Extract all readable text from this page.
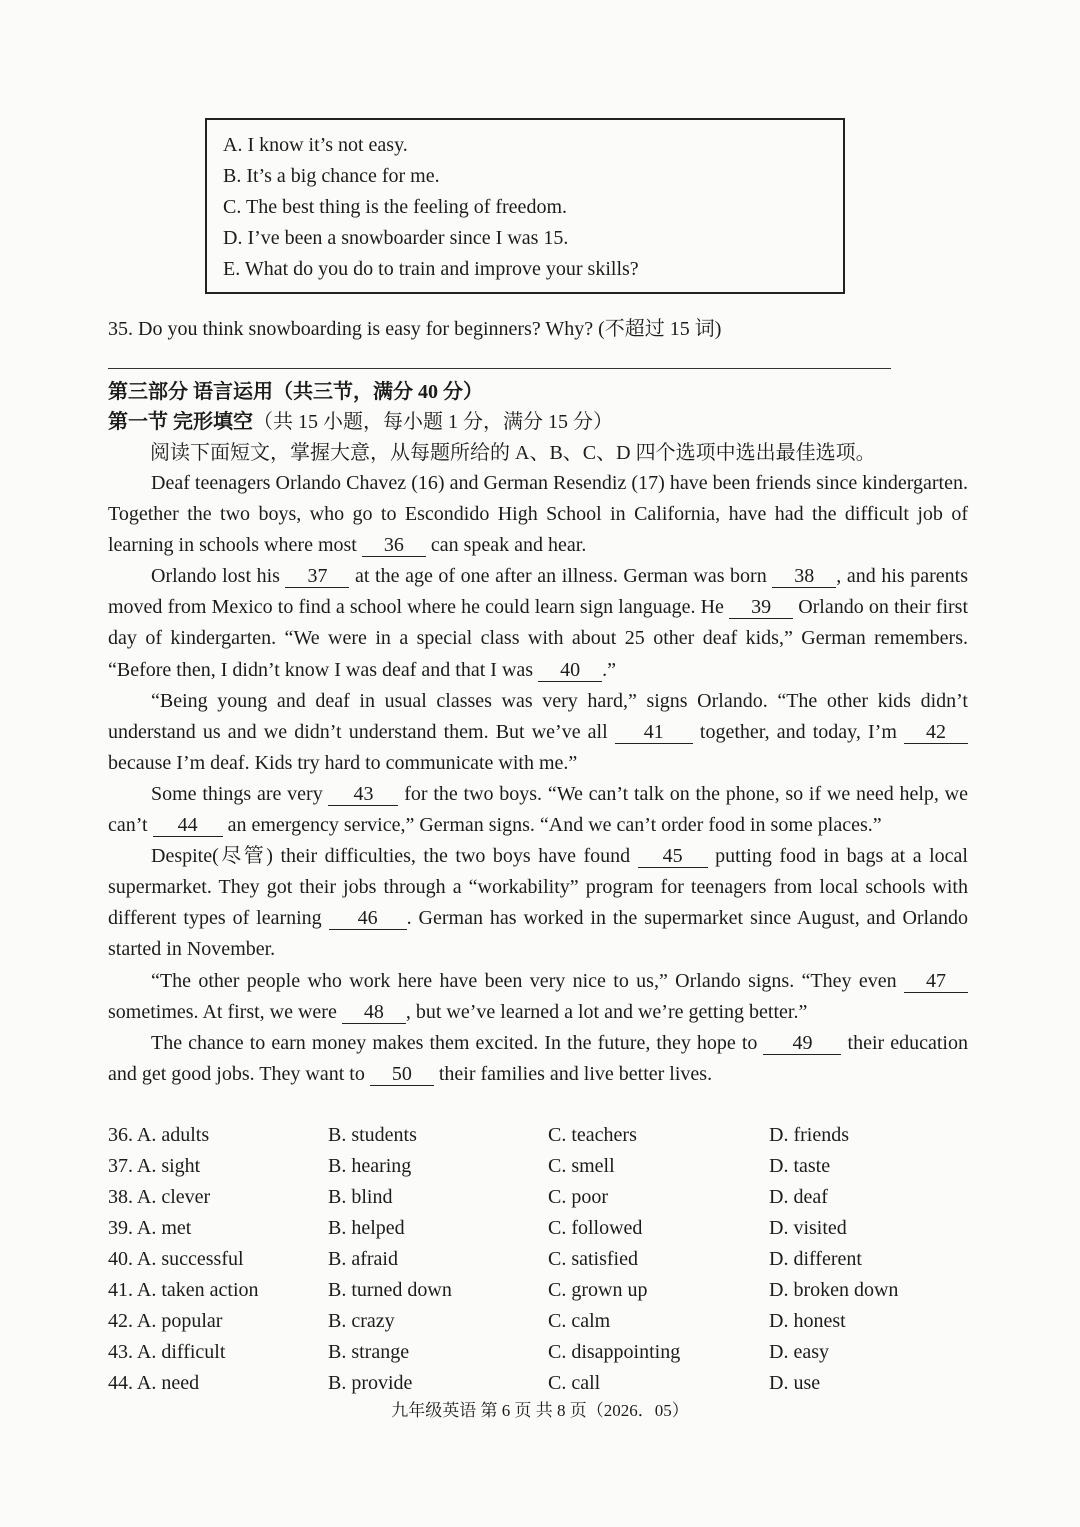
A. I know it’s not easy.
B. It’s a big chance for me.
C. The best thing is the feeling of freedom.
D. I’ve been a snowboarder since I was 15.
E. What do you do to train and improve your skills?
35. Do you think snowboarding is easy for beginners? Why? (不超过 15 词)
第三部分 语言运用（共三节，满分 40 分）
第一节 完形填空（共 15 小题，每小题 1 分，满分 15 分）
阅读下面短文，掌握大意，从每题所给的 A、B、C、D 四个选项中选出最佳选项。

Deaf teenagers Orlando Chavez (16) and German Resendiz (17) have been friends since kindergarten. Together the two boys, who go to Escondido High School in California, have had the difficult job of learning in schools where most 36 can speak and hear.

Orlando lost his 37 at the age of one after an illness. German was born 38 , and his parents moved from Mexico to find a school where he could learn sign language. He 39 Orlando on their first day of kindergarten. “We were in a special class with about 25 other deaf kids,” German remembers. “Before then, I didn’t know I was deaf and that I was 40 .”

“Being young and deaf in usual classes was very hard,” signs Orlando. “The other kids didn’t understand us and we didn’t understand them. But we’ve all 41 together, and today, I’m 42 because I’m deaf. Kids try hard to communicate with me.”

Some things are very 43 for the two boys. “We can’t talk on the phone, so if we need help, we can’t 44 an emergency service,” German signs. “And we can’t order food in some places.”

Despite(尽管) their difficulties, the two boys have found 45 putting food in bags at a local supermarket. They got their jobs through a “workability” program for teenagers from local schools with different types of learning 46 . German has worked in the supermarket since August, and Orlando started in November.

“The other people who work here have been very nice to us,” Orlando signs. “They even 47 sometimes. At first, we were 48 , but we’ve learned a lot and we’re getting better.”

The chance to earn money makes them excited. In the future, they hope to 49 their education and get good jobs. They want to 50 their families and live better lives.

36. A. adults	B. students	C. teachers	D. friends
37. A. sight	B. hearing	C. smell	D. taste
38. A. clever	B. blind	C. poor	D. deaf
39. A. met	B. helped	C. followed	D. visited
40. A. successful	B. afraid	C. satisfied	D. different
41. A. taken action	B. turned down	C. grown up	D. broken down
42. A. popular	B. crazy	C. calm	D. honest
43. A. difficult	B. strange	C. disappointing	D. easy
44. A. need	B. provide	C. call	D. use
九年级英语 第 6 页 共 8 页（2026．05）
